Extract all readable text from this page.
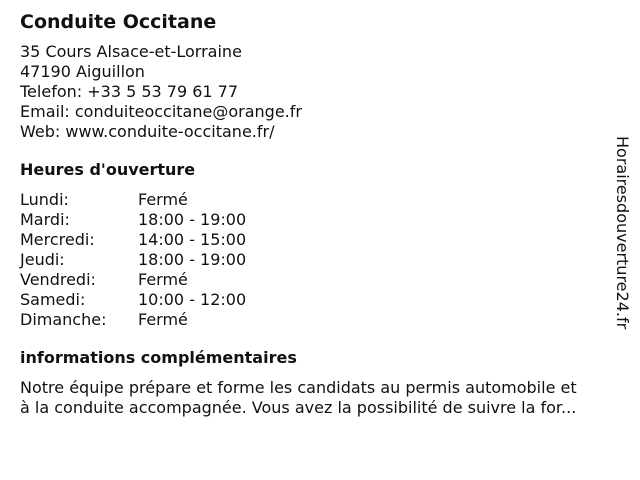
Conduite Occitane
35 Cours Alsace-et-Lorraine
47190 Aiguillon
Telefon: +33 5 53 79 61 77
Email: conduiteoccitane@orange.fr
Web: www.conduite-occitane.fr/
Heures d'ouverture
Lundi:	Fermé
Mardi:	18:00 - 19:00
Mercredi:	14:00 - 15:00
Jeudi:	18:00 - 19:00
Vendredi:	Fermé
Samedi:	10:00 - 12:00
Dimanche:	Fermé
informations complémentaires

Notre équipe prépare et forme les candidats au permis automobile et

à la conduite accompagnée. Vous avez la possibilité de suivre la for...

Horairesdouverture24.fr
